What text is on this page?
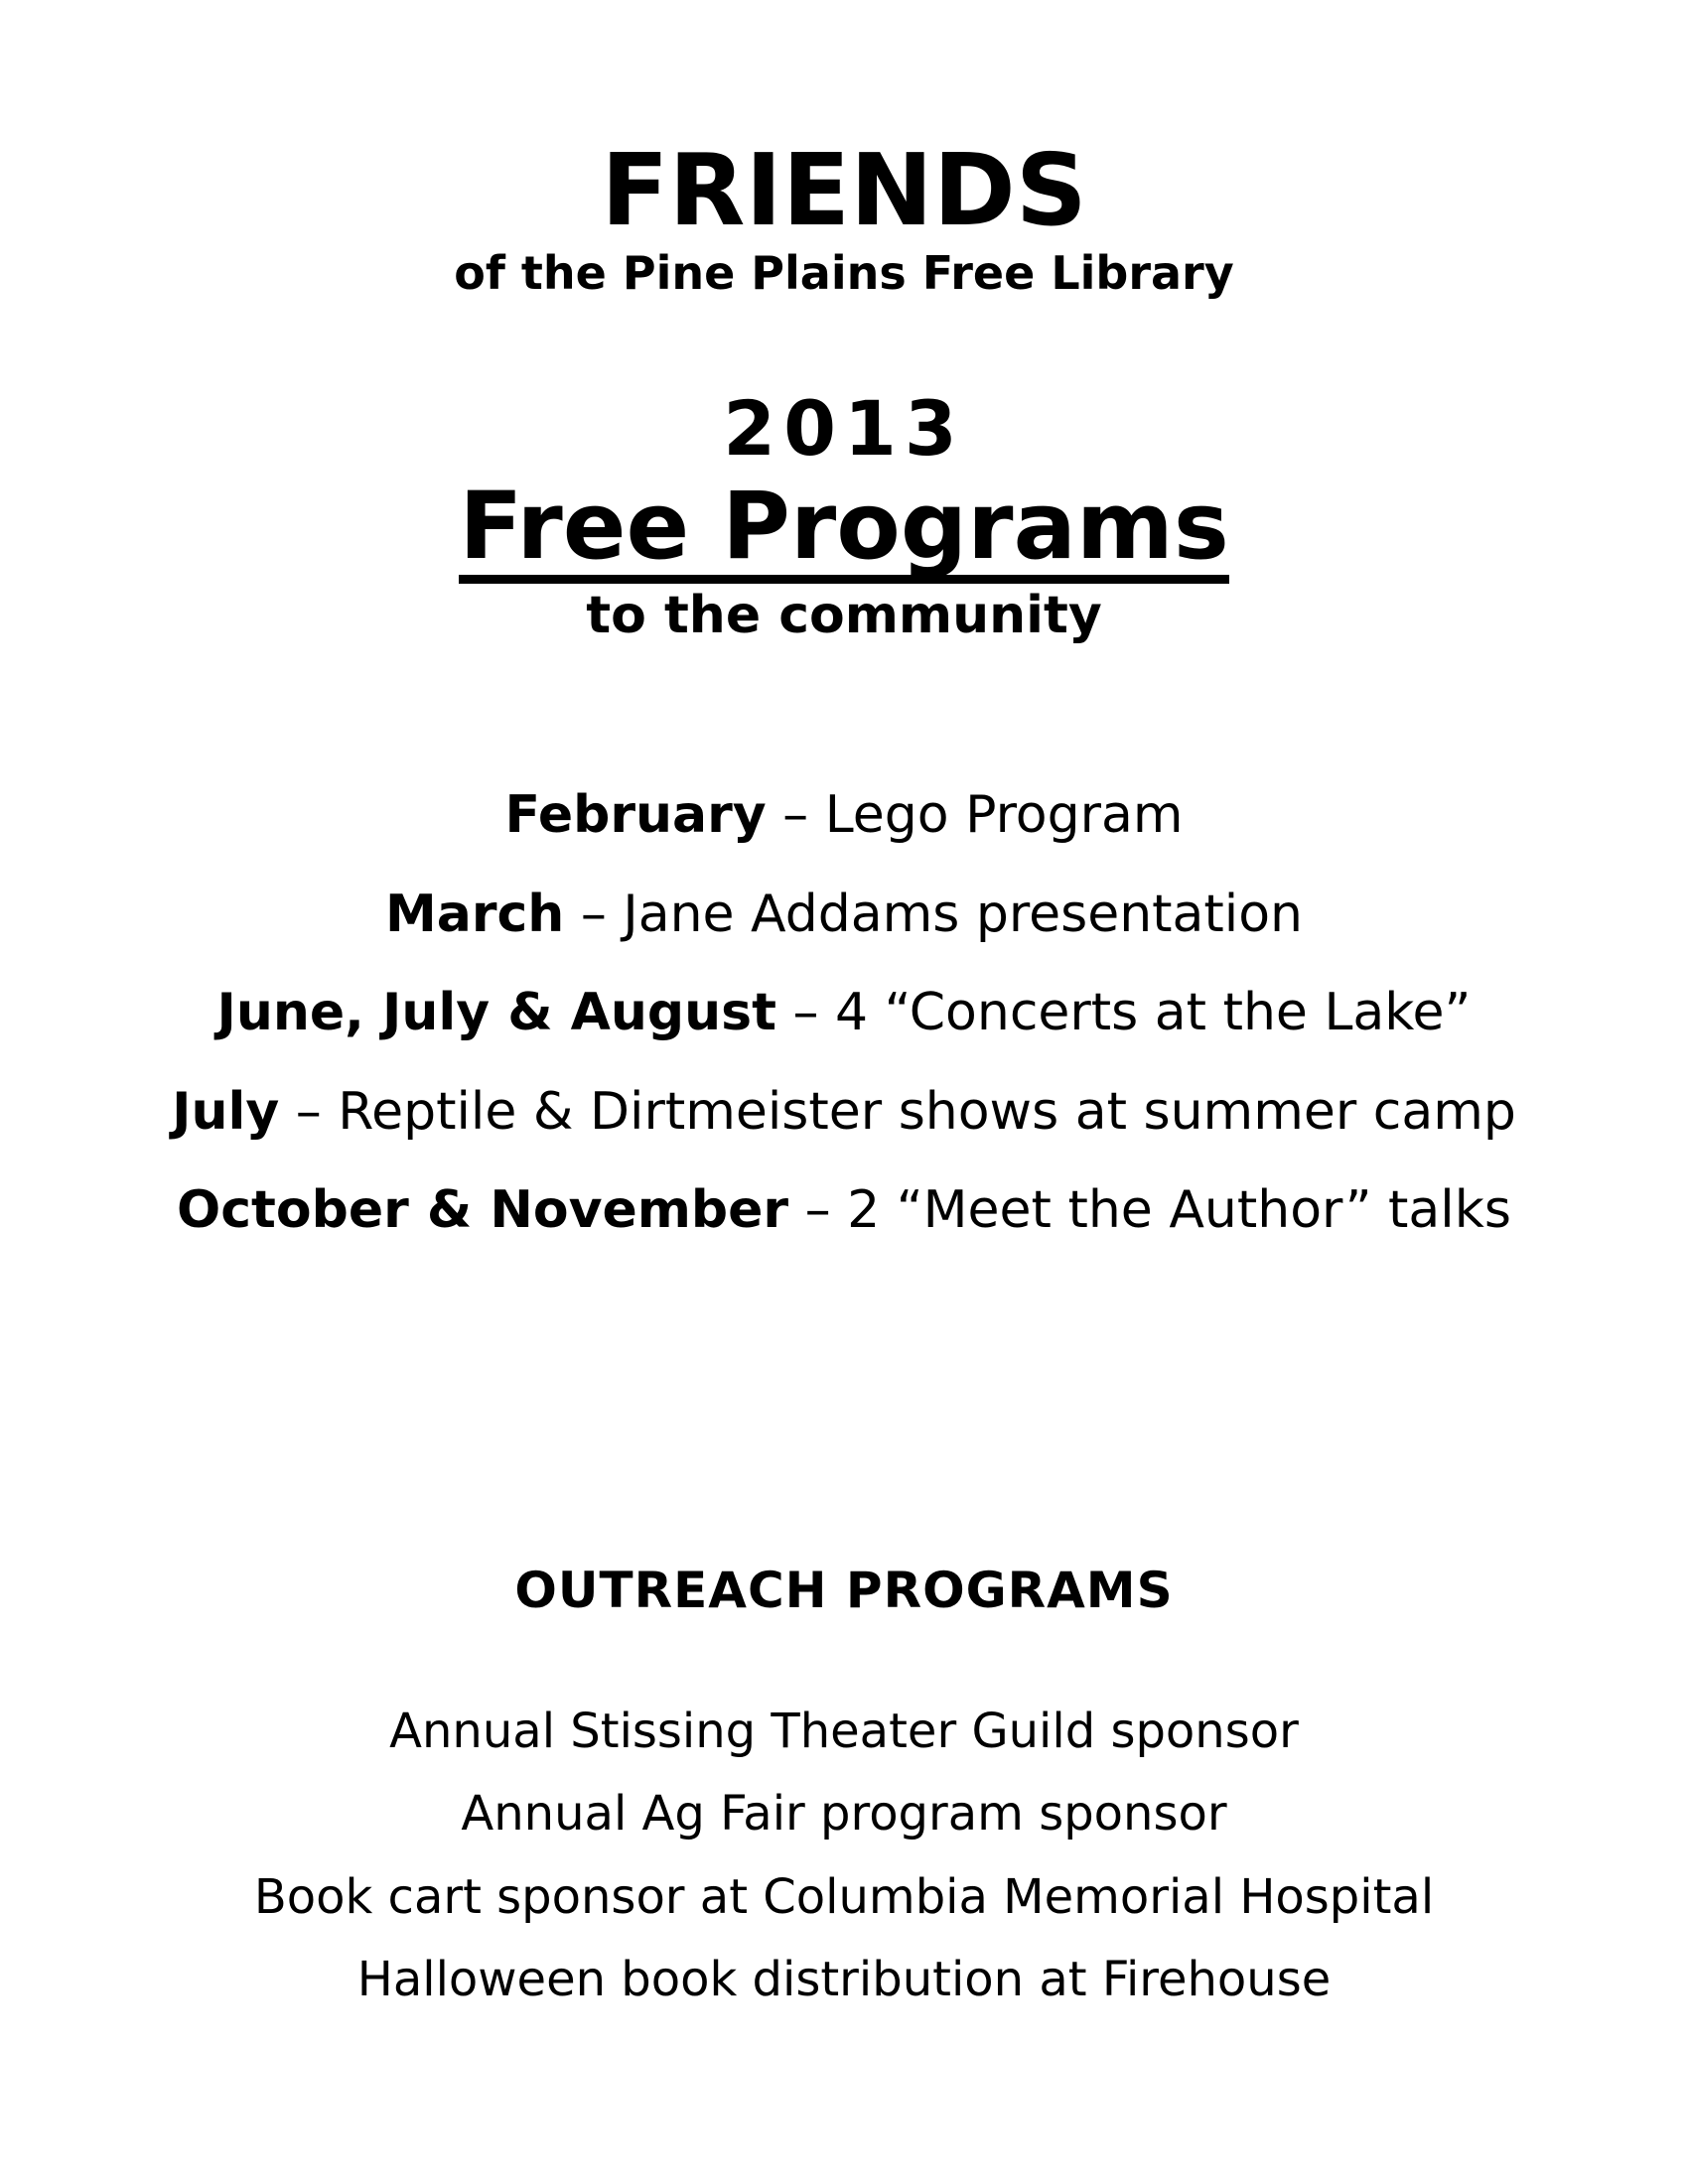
FRIENDS
of the Pine Plains Free Library
2013
Free Programs
to the community
February – Lego Program
March – Jane Addams presentation
June, July & August – 4 “Concerts at the Lake”
July – Reptile & Dirtmeister shows at summer camp
October & November – 2 “Meet the Author” talks
OUTREACH PROGRAMS
Annual Stissing Theater Guild sponsor
Annual Ag Fair program sponsor
Book cart sponsor at Columbia Memorial Hospital
Halloween book distribution at Firehouse
